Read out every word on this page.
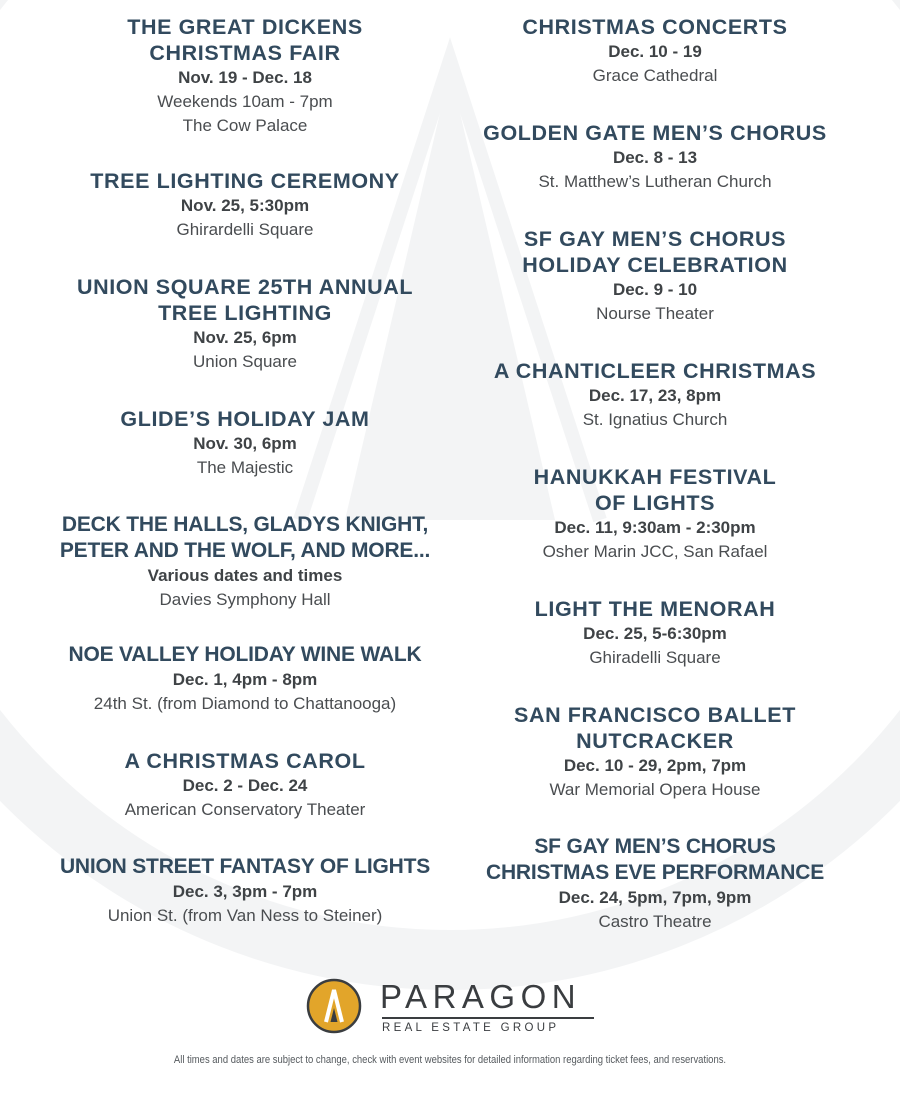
THE GREAT DICKENS
CHRISTMAS FAIR
Nov. 19 - Dec. 18
Weekends 10am - 7pm
The Cow Palace
TREE LIGHTING CEREMONY
Nov. 25, 5:30pm
Ghirardelli Square
UNION SQUARE 25TH ANNUAL
TREE LIGHTING
Nov. 25, 6pm
Union Square
GLIDE’S HOLIDAY JAM
Nov. 30, 6pm
The Majestic
DECK THE HALLS, GLADYS KNIGHT,
PETER AND THE WOLF, AND MORE...
Various dates and times
Davies Symphony Hall
NOE VALLEY HOLIDAY WINE WALK
Dec. 1, 4pm - 8pm
24th St. (from Diamond to Chattanooga)
A CHRISTMAS CAROL
Dec. 2 - Dec. 24
American Conservatory Theater
UNION STREET FANTASY OF LIGHTS
Dec. 3, 3pm - 7pm
Union St. (from Van Ness to Steiner)
CHRISTMAS CONCERTS
Dec. 10 - 19
Grace Cathedral
GOLDEN GATE MEN’S CHORUS
Dec. 8 - 13
St. Matthew’s Lutheran Church
SF GAY MEN’S CHORUS
HOLIDAY CELEBRATION
Dec. 9 - 10
Nourse Theater
A CHANTICLEER CHRISTMAS
Dec. 17, 23, 8pm
St. Ignatius Church
HANUKKAH FESTIVAL
OF LIGHTS
Dec. 11, 9:30am - 2:30pm
Osher Marin JCC, San Rafael
LIGHT THE MENORAH
Dec. 25, 5-6:30pm
Ghiradelli Square
SAN FRANCISCO BALLET
NUTCRACKER
Dec. 10 - 29, 2pm, 7pm
War Memorial Opera House
SF GAY MEN’S CHORUS
CHRISTMAS EVE PERFORMANCE
Dec. 24, 5pm, 7pm, 9pm
Castro Theatre
PARAGON
REAL ESTATE GROUP
All times and dates are subject to change, check with event websites for detailed information regarding ticket fees, and reservations.
